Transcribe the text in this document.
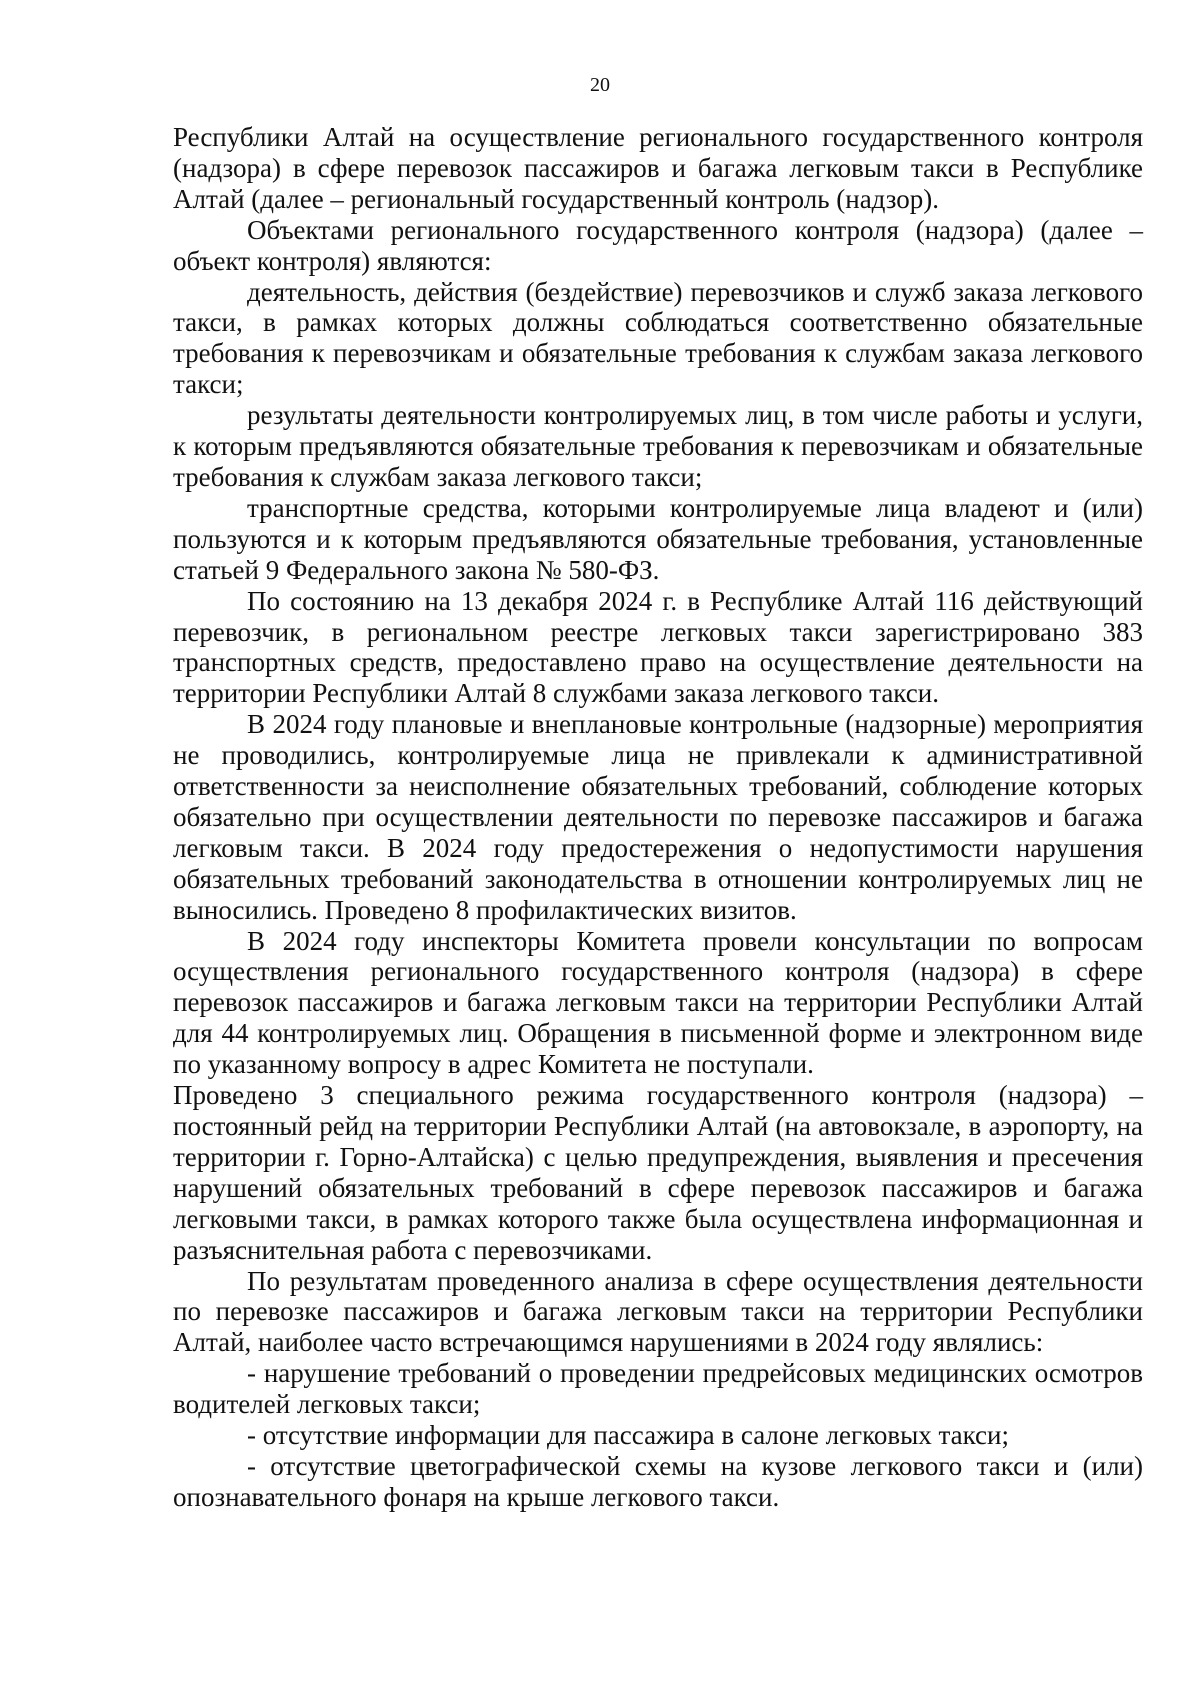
20

Республики Алтай на осуществление регионального государственного контроля (надзора) в сфере перевозок пассажиров и багажа легковым такси в Республике Алтай (далее – региональный государственный контроль (надзор).

Объектами регионального государственного контроля (надзора) (далее – объект контроля) являются:

деятельность, действия (бездействие) перевозчиков и служб заказа легкового такси, в рамках которых должны соблюдаться соответственно обязательные требования к перевозчикам и обязательные требования к службам заказа легкового такси;

результаты деятельности контролируемых лиц, в том числе работы и услуги, к которым предъявляются обязательные требования к перевозчикам и обязательные требования к службам заказа легкового такси;

транспортные средства, которыми контролируемые лица владеют и (или) пользуются и к которым предъявляются обязательные требования, установленные статьей 9 Федерального закона № 580-ФЗ.

По состоянию на 13 декабря 2024 г. в Республике Алтай 116 действующий перевозчик, в региональном реестре легковых такси зарегистрировано 383 транспортных средств, предоставлено право на осуществление деятельности на территории Республики Алтай 8 службами заказа легкового такси.

В 2024 году плановые и внеплановые контрольные (надзорные) мероприятия не проводились, контролируемые лица не привлекали к административной ответственности за неисполнение обязательных требований, соблюдение которых обязательно при осуществлении деятельности по перевозке пассажиров и багажа легковым такси. В 2024 году предостережения о недопустимости нарушения обязательных требований законодательства в отношении контролируемых лиц не выносились. Проведено 8 профилактических визитов.

В 2024 году инспекторы Комитета провели консультации по вопросам осуществления регионального государственного контроля (надзора) в сфере перевозок пассажиров и багажа легковым такси на территории Республики Алтай для 44 контролируемых лиц. Обращения в письменной форме и электронном виде по указанному вопросу в адрес Комитета не поступали.

Проведено 3 специального режима государственного контроля (надзора) – постоянный рейд на территории Республики Алтай (на автовокзале, в аэропорту, на территории г. Горно-Алтайска) с целью предупреждения, выявления и пресечения нарушений обязательных требований в сфере перевозок пассажиров и багажа легковыми такси, в рамках которого также была осуществлена информационная и разъяснительная работа с перевозчиками.

По результатам проведенного анализа в сфере осуществления деятельности по перевозке пассажиров и багажа легковым такси на территории Республики Алтай, наиболее часто встречающимся нарушениями в 2024 году являлись:

- нарушение требований о проведении предрейсовых медицинских осмотров водителей легковых такси;

- отсутствие информации для пассажира в салоне легковых такси;

- отсутствие цветографической схемы на кузове легкового такси и (или) опознавательного фонаря на крыше легкового такси.
